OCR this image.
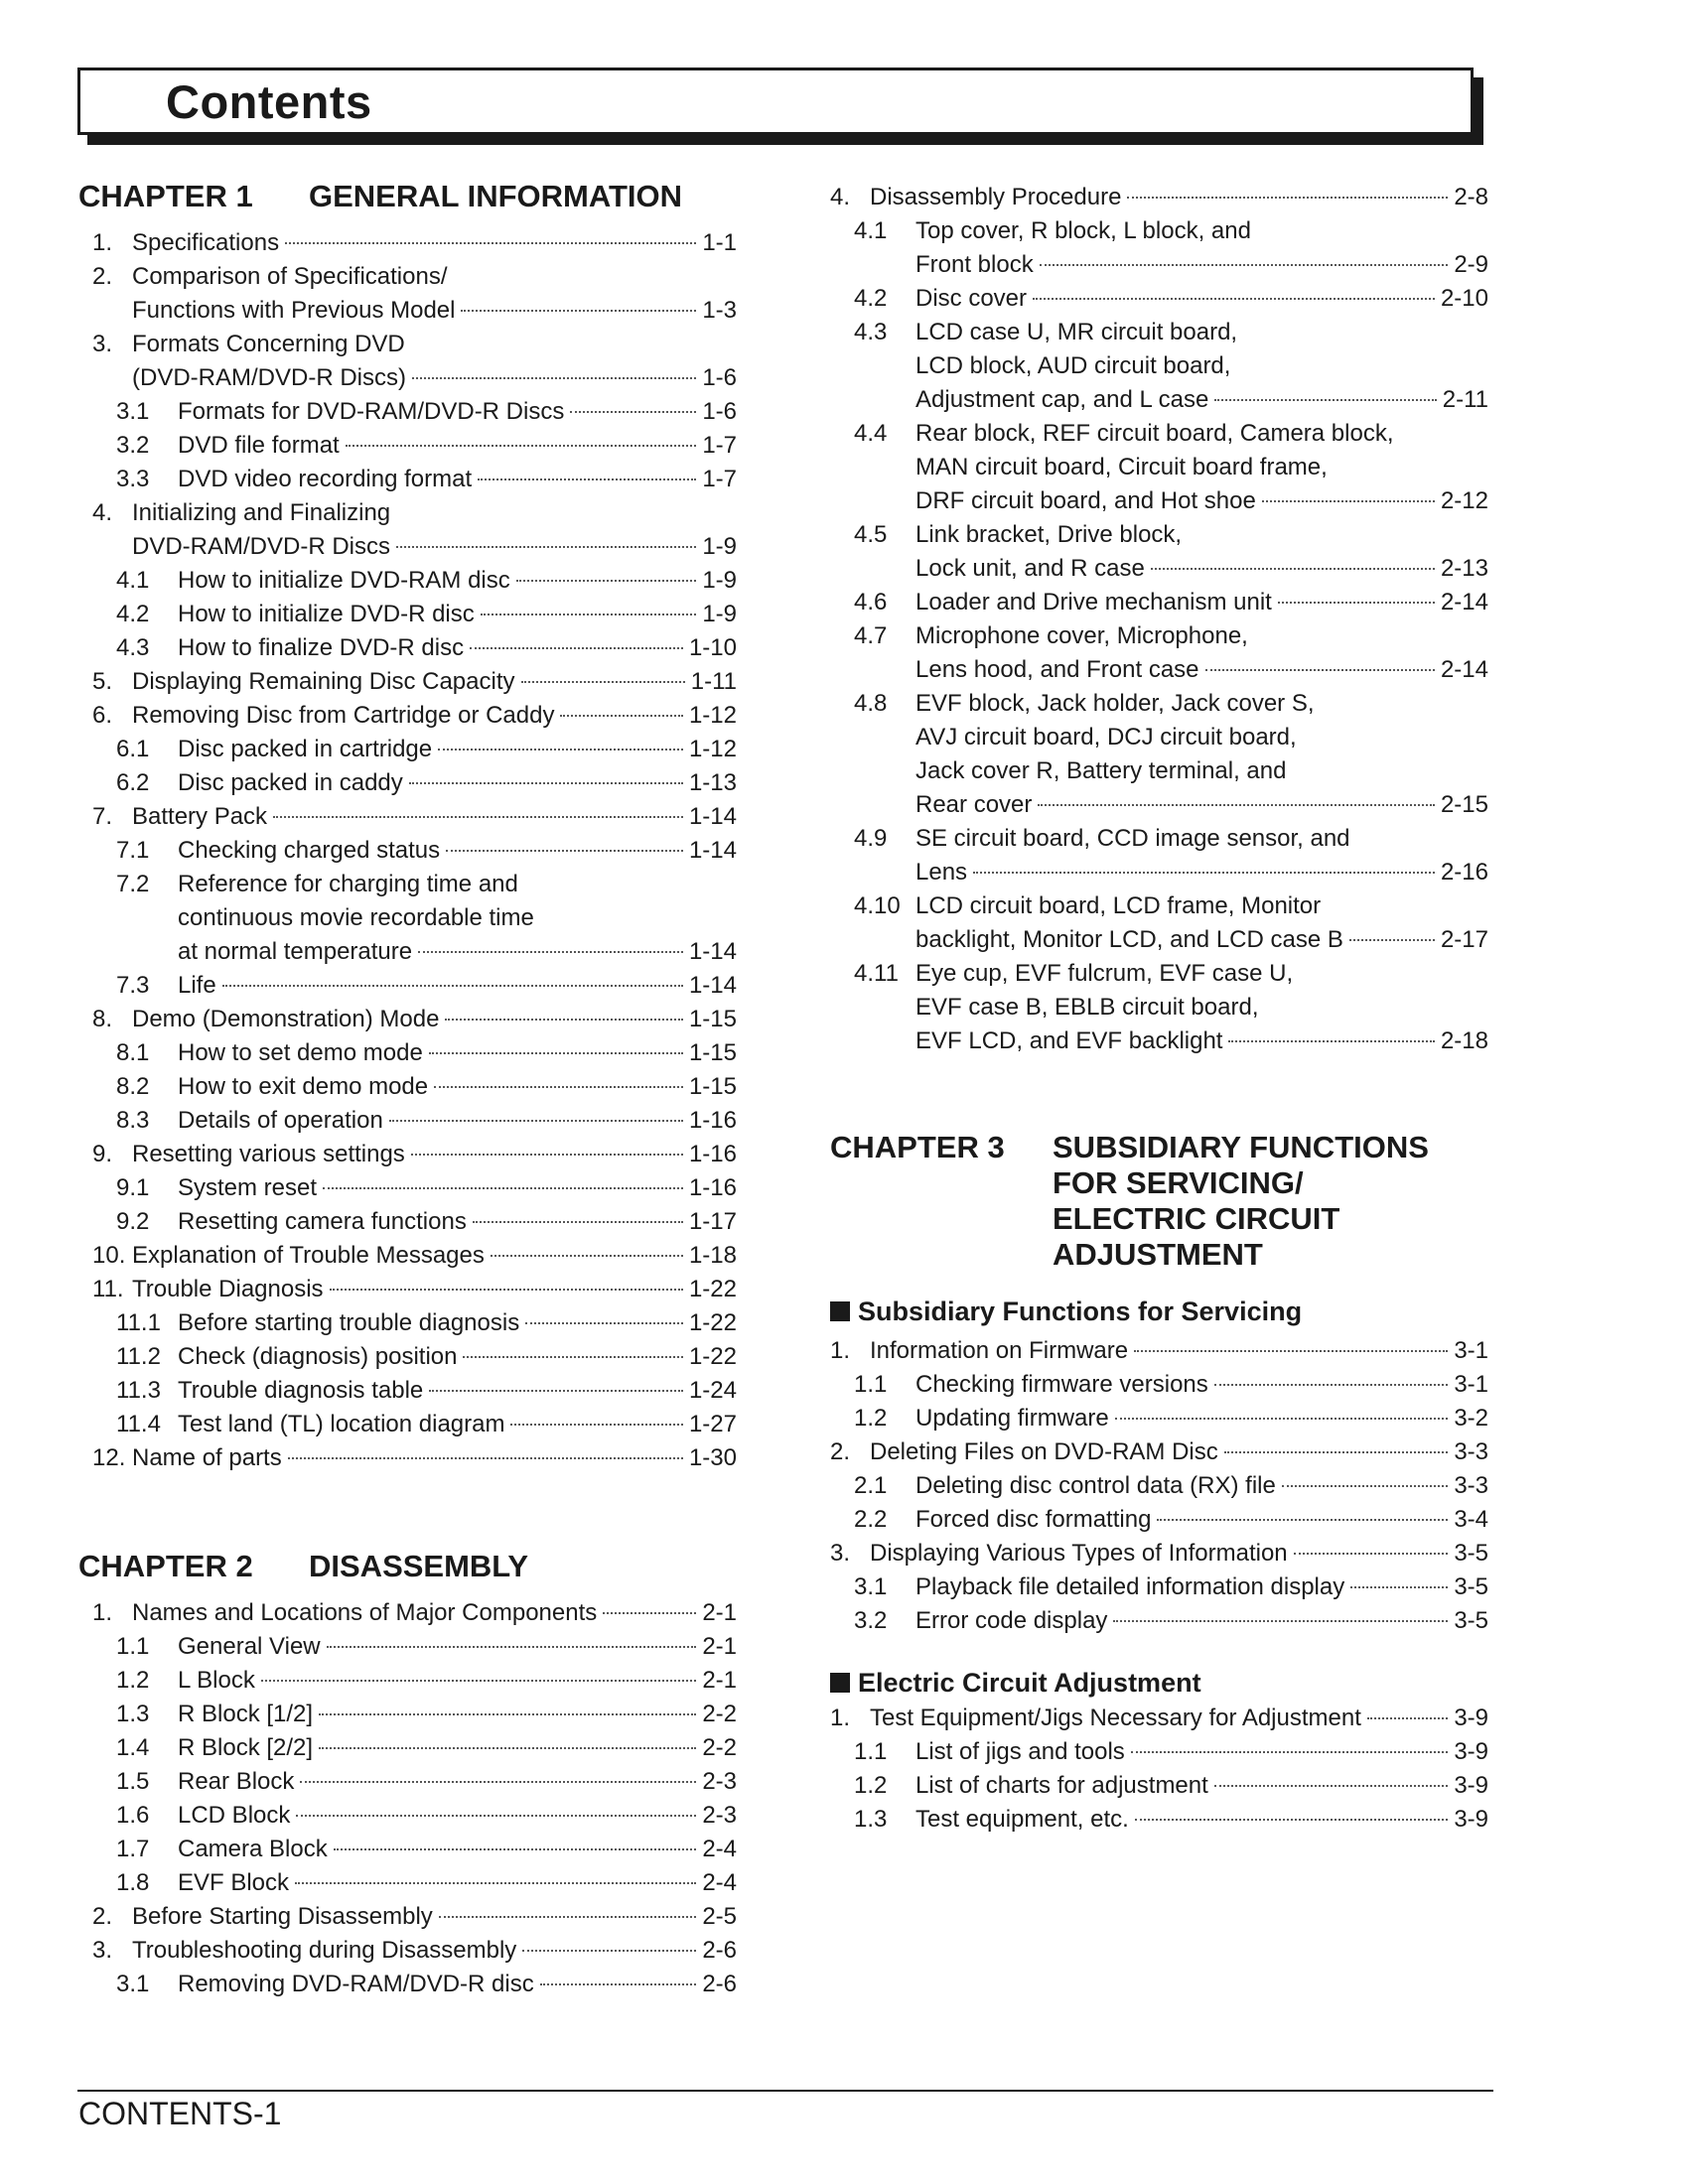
Contents
CHAPTER 1 GENERAL INFORMATION
1. Specifications	1-1
2. Comparison of Specifications/
Functions with Previous Model	1-3
3. Formats Concerning DVD
(DVD-RAM/DVD-R Discs)	1-6
3.1 Formats for DVD-RAM/DVD-R Discs	1-6
3.2 DVD file format	1-7
3.3 DVD video recording format	1-7
4. Initializing and Finalizing
DVD-RAM/DVD-R Discs	1-9
4.1 How to initialize DVD-RAM disc	1-9
4.2 How to initialize DVD-R disc	1-9
4.3 How to finalize DVD-R disc	1-10
5. Displaying Remaining Disc Capacity	1-11
6. Removing Disc from Cartridge or Caddy	1-12
6.1 Disc packed in cartridge	1-12
6.2 Disc packed in caddy	1-13
7. Battery Pack	1-14
7.1 Checking charged status	1-14
7.2 Reference for charging time and
continuous movie recordable time
at normal temperature	1-14
7.3 Life	1-14
8. Demo (Demonstration) Mode	1-15
8.1 How to set demo mode	1-15
8.2 How to exit demo mode	1-15
8.3 Details of operation	1-16
9. Resetting various settings	1-16
9.1 System reset	1-16
9.2 Resetting camera functions	1-17
10. Explanation of Trouble Messages	1-18
11. Trouble Diagnosis	1-22
11.1 Before starting trouble diagnosis	1-22
11.2 Check (diagnosis) position	1-22
11.3 Trouble diagnosis table	1-24
11.4 Test land (TL) location diagram	1-27
12. Name of parts	1-30
CHAPTER 2 DISASSEMBLY
1. Names and Locations of Major Components	2-1
1.1 General View	2-1
1.2 L Block	2-1
1.3 R Block [1/2]	2-2
1.4 R Block [2/2]	2-2
1.5 Rear Block	2-3
1.6 LCD Block	2-3
1.7 Camera Block	2-4
1.8 EVF Block	2-4
2. Before Starting Disassembly	2-5
3. Troubleshooting during Disassembly	2-6
3.1 Removing DVD-RAM/DVD-R disc	2-6
4. Disassembly Procedure	2-8
4.1 Top cover, R block, L block, and
Front block	2-9
4.2 Disc cover	2-10
4.3 LCD case U, MR circuit board,
LCD block, AUD circuit board,
Adjustment cap, and L case	2-11
4.4 Rear block, REF circuit board, Camera block,
MAN circuit board, Circuit board frame,
DRF circuit board, and Hot shoe	2-12
4.5 Link bracket, Drive block,
Lock unit, and R case	2-13
4.6 Loader and Drive mechanism unit	2-14
4.7 Microphone cover, Microphone,
Lens hood, and Front case	2-14
4.8 EVF block, Jack holder, Jack cover S,
AVJ circuit board, DCJ circuit board,
Jack cover R, Battery terminal, and
Rear cover	2-15
4.9 SE circuit board, CCD image sensor, and
Lens	2-16
4.10 LCD circuit board, LCD frame, Monitor
backlight, Monitor LCD, and LCD case B	2-17
4.11 Eye cup, EVF fulcrum, EVF case U,
EVF case B, EBLB circuit board,
EVF LCD, and EVF backlight	2-18
CHAPTER 3 SUBSIDIARY FUNCTIONS
FOR SERVICING/
ELECTRIC CIRCUIT
ADJUSTMENT
Subsidiary Functions for Servicing
1. Information on Firmware	3-1
1.1 Checking firmware versions	3-1
1.2 Updating firmware	3-2
2. Deleting Files on DVD-RAM Disc	3-3
2.1 Deleting disc control data (RX) file	3-3
2.2 Forced disc formatting	3-4
3. Displaying Various Types of Information	3-5
3.1 Playback file detailed information display	3-5
3.2 Error code display	3-5
Electric Circuit Adjustment
1. Test Equipment/Jigs Necessary for Adjustment	3-9
1.1 List of jigs and tools	3-9
1.2 List of charts for adjustment	3-9
1.3 Test equipment, etc.	3-9
CONTENTS-1
